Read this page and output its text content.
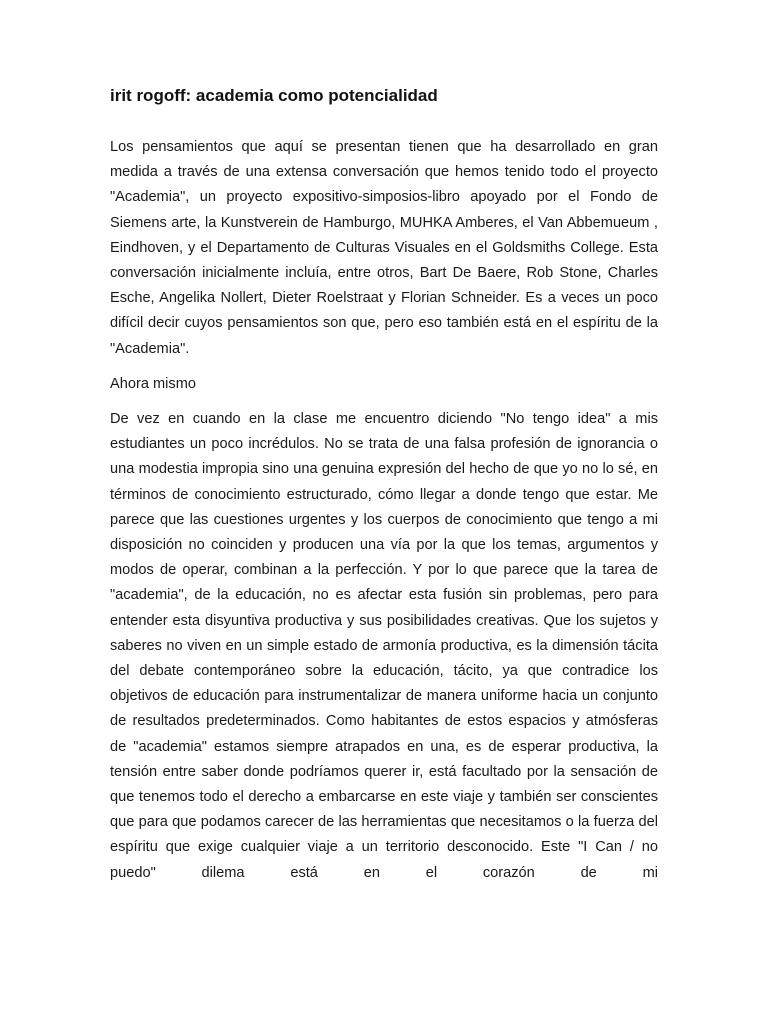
irit rogoff: academia como potencialidad

Los pensamientos que aquí se presentan tienen que ha desarrollado en gran medida a través de una extensa conversación que hemos tenido todo el proyecto "Academia", un proyecto expositivo-simposios-libro apoyado por el Fondo de Siemens arte, la Kunstverein de Hamburgo, MUHKA Amberes, el Van Abbemueum , Eindhoven, y el Departamento de Culturas Visuales en el Goldsmiths College. Esta conversación inicialmente incluía, entre otros, Bart De Baere, Rob Stone, Charles Esche, Angelika Nollert, Dieter Roelstraat y Florian Schneider. Es a veces un poco difícil decir cuyos pensamientos son que, pero eso también está en el espíritu de la "Academia".

Ahora mismo

De vez en cuando en la clase me encuentro diciendo "No tengo idea" a mis estudiantes un poco incrédulos. No se trata de una falsa profesión de ignorancia o una modestia impropia sino una genuina expresión del hecho de que yo no lo sé, en términos de conocimiento estructurado, cómo llegar a donde tengo que estar. Me parece que las cuestiones urgentes y los cuerpos de conocimiento que tengo a mi disposición no coinciden y producen una vía por la que los temas, argumentos y modos de operar, combinan a la perfección. Y por lo que parece que la tarea de "academia", de la educación, no es afectar esta fusión sin problemas, pero para entender esta disyuntiva productiva y sus posibilidades creativas. Que los sujetos y saberes no viven en un simple estado de armonía productiva, es la dimensión tácita del debate contemporáneo sobre la educación, tácito, ya que contradice los objetivos de educación para instrumentalizar de manera uniforme hacia un conjunto de resultados predeterminados. Como habitantes de estos espacios y atmósferas de "academia" estamos siempre atrapados en una, es de esperar productiva, la tensión entre saber donde podríamos querer ir, está facultado por la sensación de que tenemos todo el derecho a embarcarse en este viaje y también ser conscientes que para que podamos carecer de las herramientas que necesitamos o la fuerza del espíritu que exige cualquier viaje a un territorio desconocido. Este "I Can / no puedo" dilema está en el corazón de mi
